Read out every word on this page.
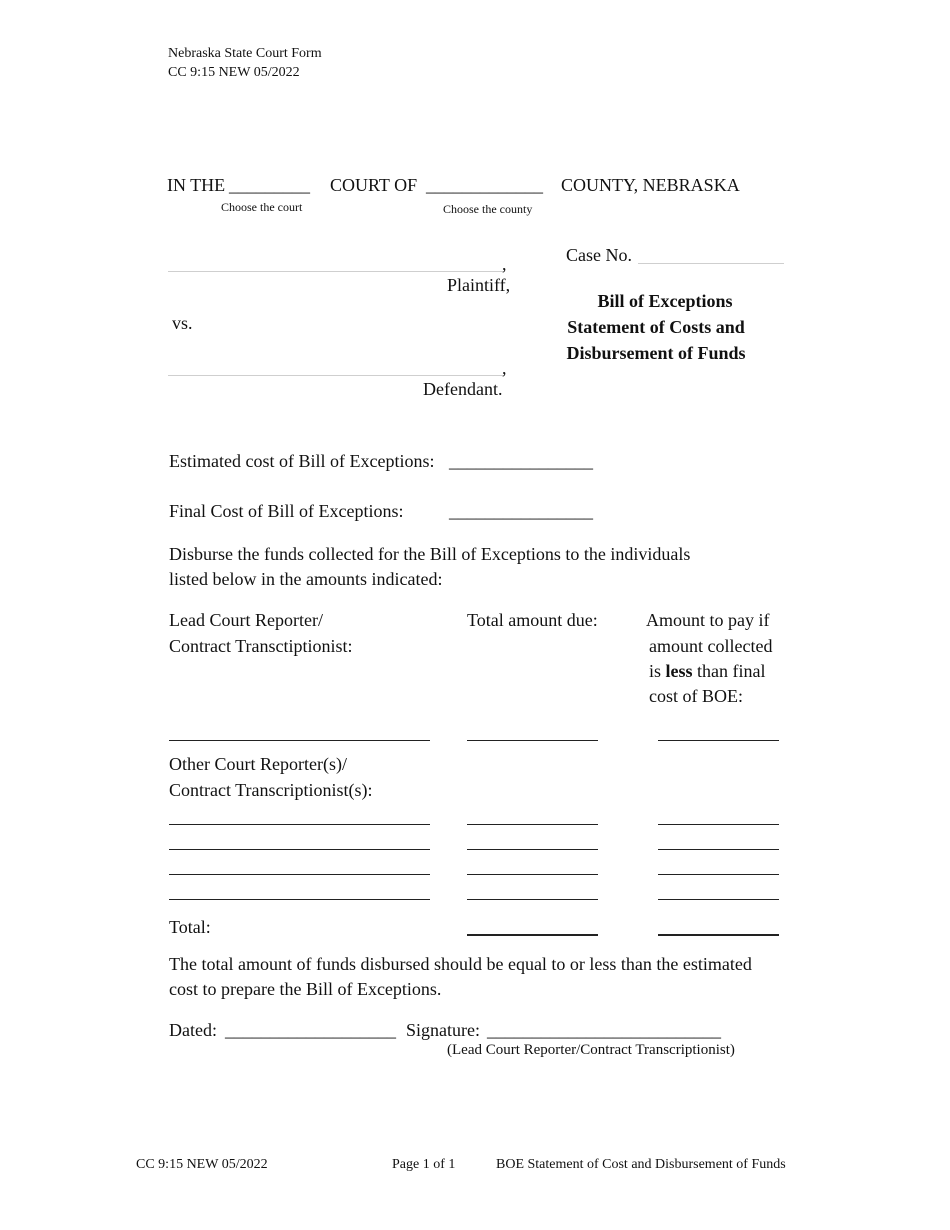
Nebraska State Court Form
CC 9:15 NEW 05/2022
IN THE _________ COURT OF _____________ COUNTY, NEBRASKA
Choose the court	Choose the county
,
Plaintiff,
Case No.
Bill of Exceptions
Statement of Costs and
Disbursement of Funds
vs.
,
Defendant.
Estimated cost of Bill of Exceptions: ________________
Final Cost of Bill of Exceptions:	________________
Disburse the funds collected for the Bill of Exceptions to the individuals
listed below in the amounts indicated:
Lead Court Reporter/
Contract Transctiptionist:
Total amount due:	Amount to pay if
amount collected
is less than final
cost of BOE:
Other Court Reporter(s)/
Contract Transcriptionist(s):
Total:
The total amount of funds disbursed should be equal to or less than the estimated
cost to prepare the Bill of Exceptions.
Dated: ___________________ Signature: __________________________
(Lead Court Reporter/Contract Transcriptionist)
CC 9:15 NEW 05/2022	Page 1 of 1	BOE Statement of Cost and Disbursement of Funds
